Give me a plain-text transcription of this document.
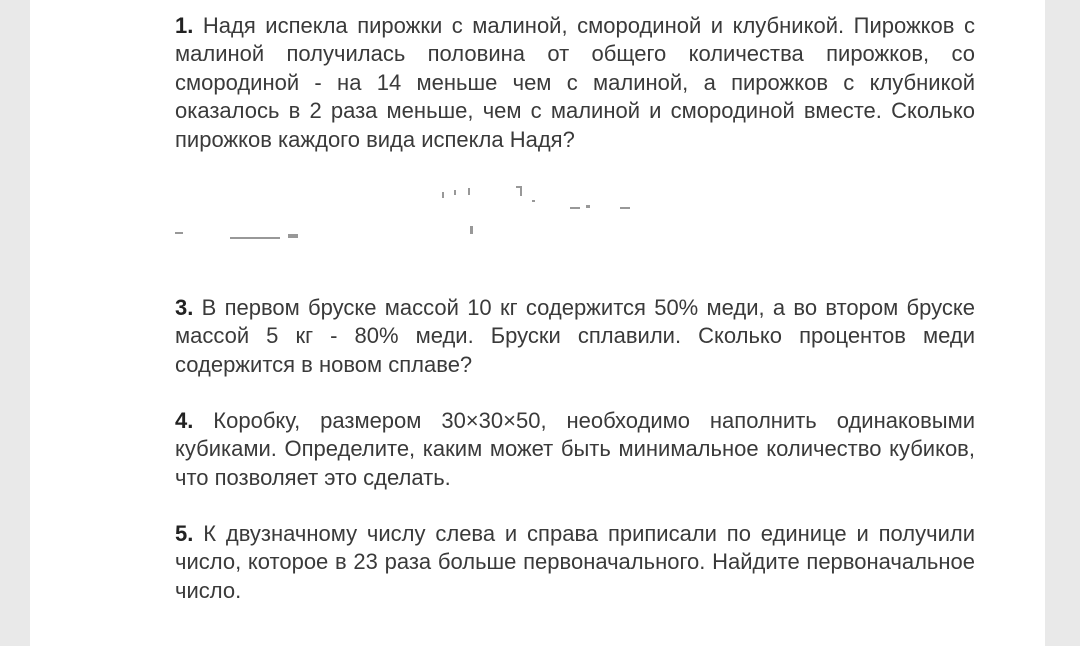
1. Надя испекла пирожки с малиной, смородиной и клубникой. Пирожков с малиной получилась половина от общего количества пирожков, со смородиной - на 14 меньше чем с малиной, а пирожков с клубникой оказалось в 2 раза меньше, чем с малиной и смородиной вместе. Сколько пирожков каждого вида испекла Надя?

3. В первом бруске массой 10 кг содержится 50% меди, а во втором бруске массой 5 кг - 80% меди. Бруски сплавили. Сколько процентов меди содержится в новом сплаве?

4. Коробку, размером 30×30×50, необходимо наполнить одинаковыми кубиками. Определите, каким может быть минимальное количество кубиков, что позволяет это сделать.

5. К двузначному числу слева и справа приписали по единице и получили число, которое в 23 раза больше первоначального. Найдите первоначальное число.
